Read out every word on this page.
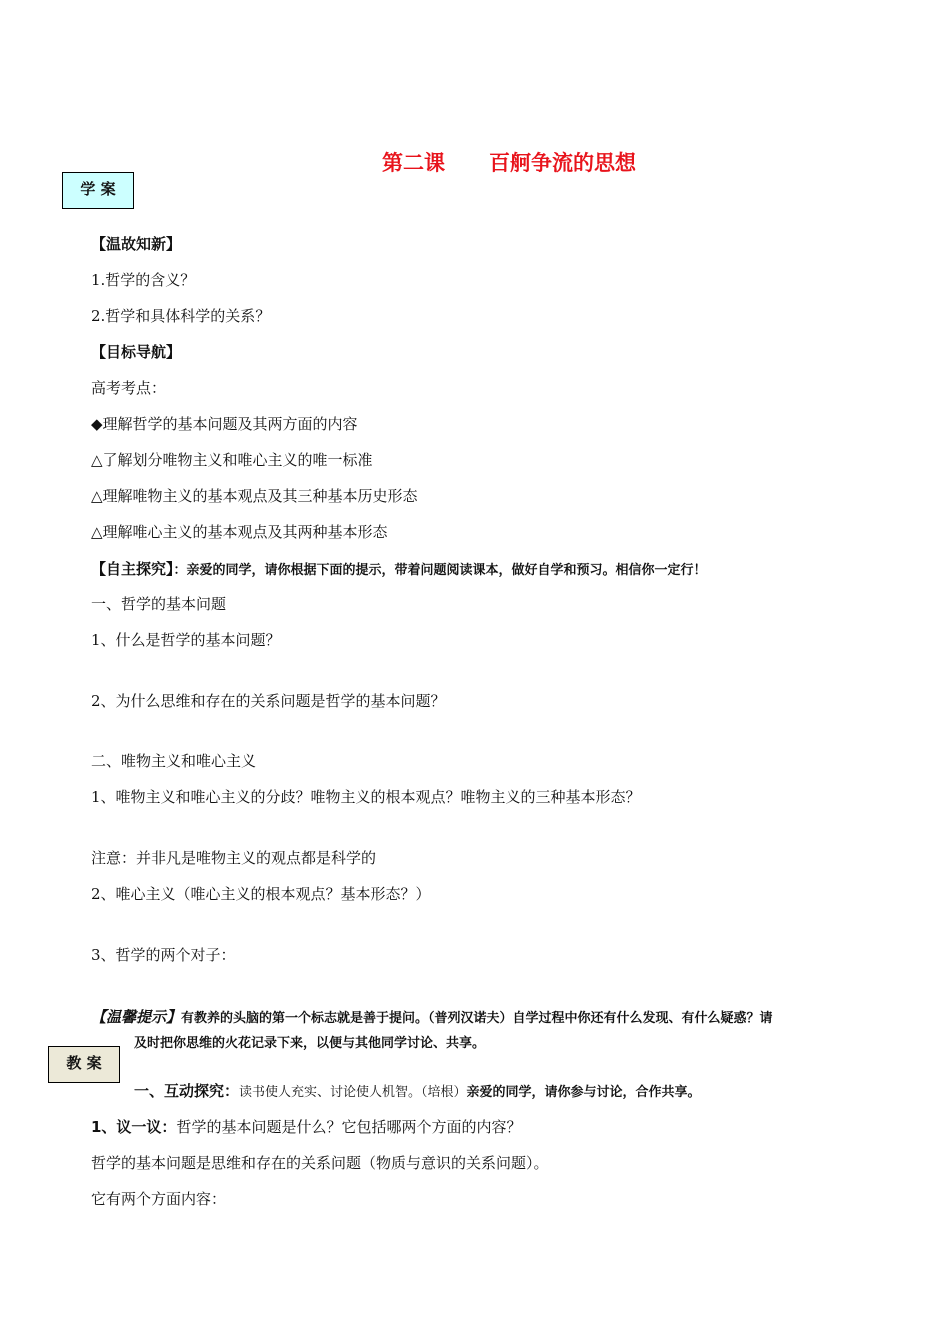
第二课 百舸争流的思想
学 案
【温故知新】
1.哲学的含义？
2.哲学和具体科学的关系？
【目标导航】
高考考点：
◆理解哲学的基本问题及其两方面的内容
△了解划分唯物主义和唯心主义的唯一标准
△理解唯物主义的基本观点及其三种基本历史形态
△理解唯心主义的基本观点及其两种基本形态
【自主探究】：亲爱的同学，请你根据下面的提示，带着问题阅读课本，做好自学和预习。相信你一定行！
一、哲学的基本问题
1、什么是哲学的基本问题？
2、为什么思维和存在的关系问题是哲学的基本问题？
二、唯物主义和唯心主义
1、唯物主义和唯心主义的分歧？唯物主义的根本观点？唯物主义的三种基本形态？
注意：并非凡是唯物主义的观点都是科学的
2、唯心主义（唯心主义的根本观点？基本形态？）
3、哲学的两个对子：
【温馨提示】有教养的头脑的第一个标志就是善于提问。（普列汉诺夫）自学过程中你还有什么发现、有什么疑惑？请
及时把你思维的火花记录下来，以便与其他同学讨论、共享。
教 案
一、互动探究：读书使人充实、讨论使人机智。（培根）亲爱的同学，请你参与讨论，合作共享。
1、议一议：哲学的基本问题是什么？它包括哪两个方面的内容？
哲学的基本问题是思维和存在的关系问题（物质与意识的关系问题）。
它有两个方面内容：
